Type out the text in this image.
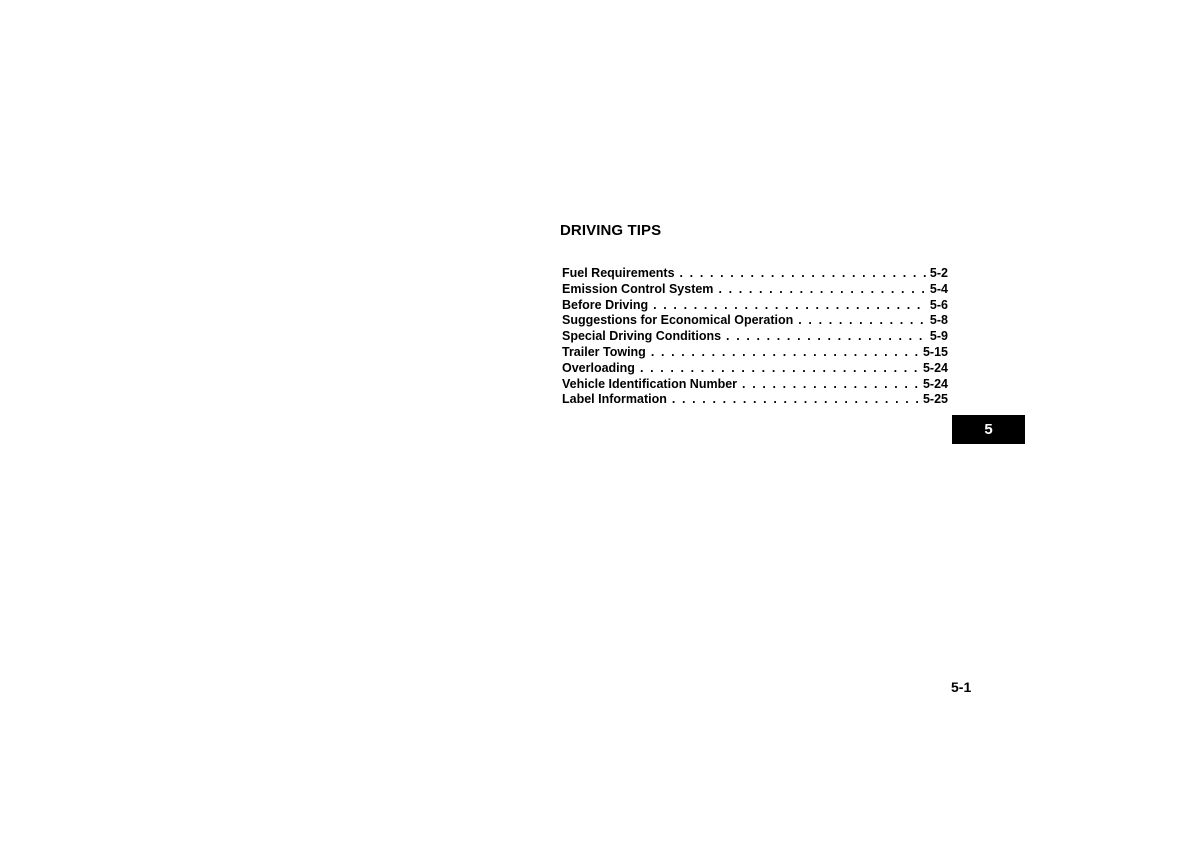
DRIVING TIPS
Fuel Requirements . . .	5-2
Emission Control System . . .	5-4
Before Driving . . .	5-6
Suggestions for Economical Operation . . .	5-8
Special Driving Conditions . . .	5-9
Trailer Towing . . .	5-15
Overloading . . .	5-24
Vehicle Identification Number . . .	5-24
Label Information . . .	5-25
5
5-1
